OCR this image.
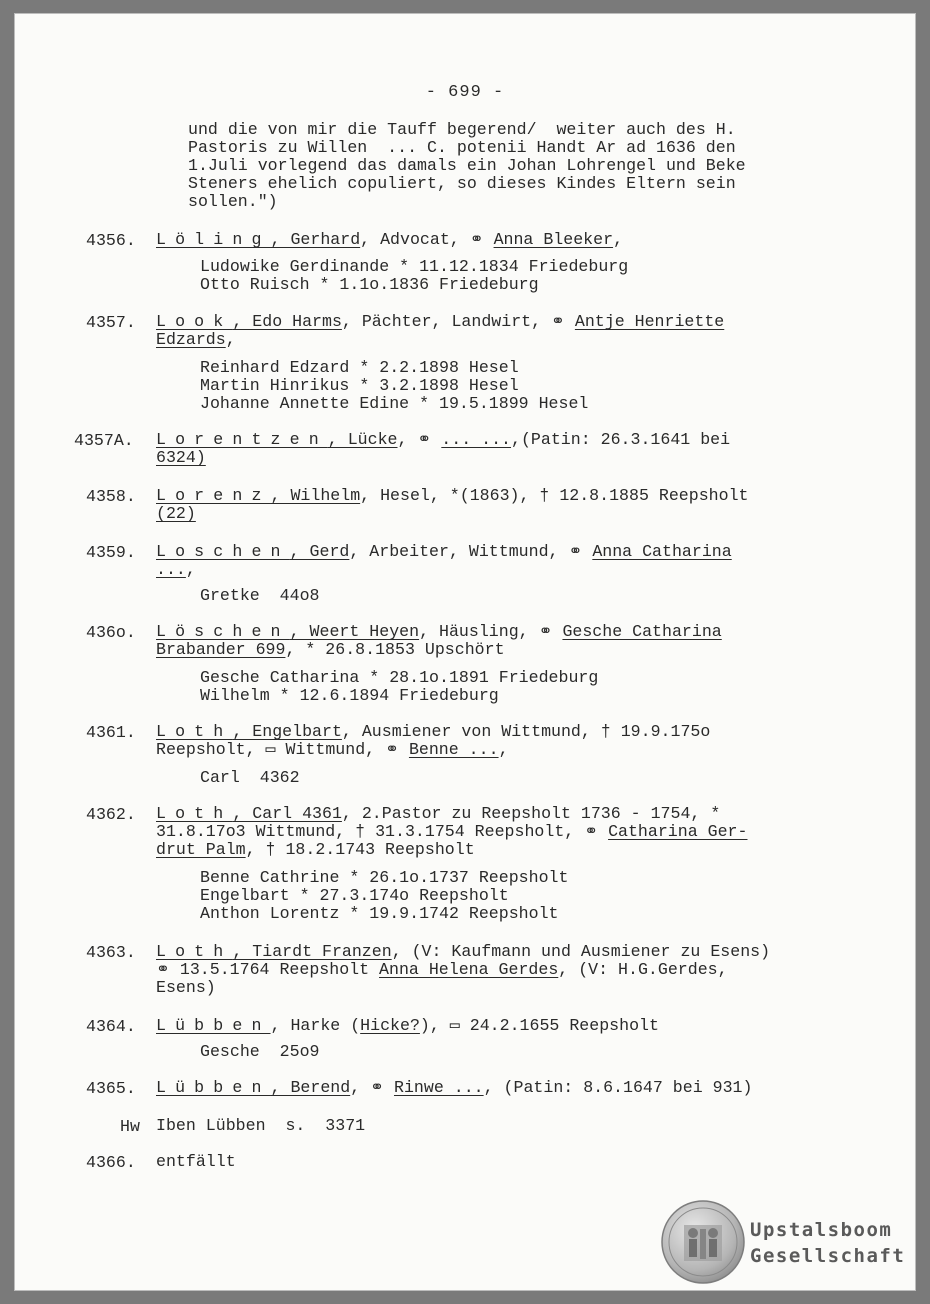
- 699 -
und die von mir die Tauff begerend/  weiter auch des H.
Pastoris zu Willen  ... C. potenii Handt Ar ad 1636 den
1.Juli vorlegend das damals ein Johan Lohrengel und Beke
Steners ehelich copuliert, so dieses Kindes Eltern sein
sollen.")
4356. Löling, Gerhard, Advocat, ⚭ Anna Bleeker,
Ludowike Gerdinande * 11.12.1834 Friedeburg
Otto Ruisch * 1.1o.1836 Friedeburg
4357. Look, Edo Harms, Pächter, Landwirt, ⚭ Antje Henriette
Edzards,
Reinhard Edzard * 2.2.1898 Hesel
Martin Hinrikus * 3.2.1898 Hesel
Johanne Annette Edine * 19.5.1899 Hesel
4357A. Lorentzen, Lücke, ⚭ ... ...,(Patin: 26.3.1641 bei
6324)
4358. Lorenz, Wilhelm, Hesel, *(1863), † 12.8.1885 Reepsholt
(22)
4359. Loschen, Gerd, Arbeiter, Wittmund, ⚭ Anna Catharina
...,
Gretke  44o8
436o. Löschen, Weert Heyen, Häusling, ⚭ Gesche Catharina
Brabander 699, * 26.8.1853 Upschört
Gesche Catharina * 28.1o.1891 Friedeburg
Wilhelm * 12.6.1894 Friedeburg
4361. Loth, Engelbart, Ausmiener von Wittmund, † 19.9.175o
Reepsholt, ▭ Wittmund, ⚭ Benne ...,
Carl  4362
4362. Loth, Carl 4361, 2.Pastor zu Reepsholt 1736 - 1754, *
31.8.17o3 Wittmund, † 31.3.1754 Reepsholt, ⚭ Catharina Ger-
drut Palm, † 18.2.1743 Reepsholt
Benne Cathrine * 26.1o.1737 Reepsholt
Engelbart * 27.3.174o Reepsholt
Anthon Lorentz * 19.9.1742 Reepsholt
4363. Loth, Tiardt Franzen, (V: Kaufmann und Ausmiener zu Esens)
⚭ 13.5.1764 Reepsholt Anna Helena Gerdes, (V: H.G.Gerdes,
Esens)
4364. Lübben, Harke (Hicke?), ▭ 24.2.1655 Reepsholt
Gesche  25o9
4365. Lübben, Berend, ⚭ Rinwe ..., (Patin: 8.6.1647 bei 931)
Hw Iben Lübben  s.  3371
4366. entfällt
Upstalsboom
Gesellschaft
